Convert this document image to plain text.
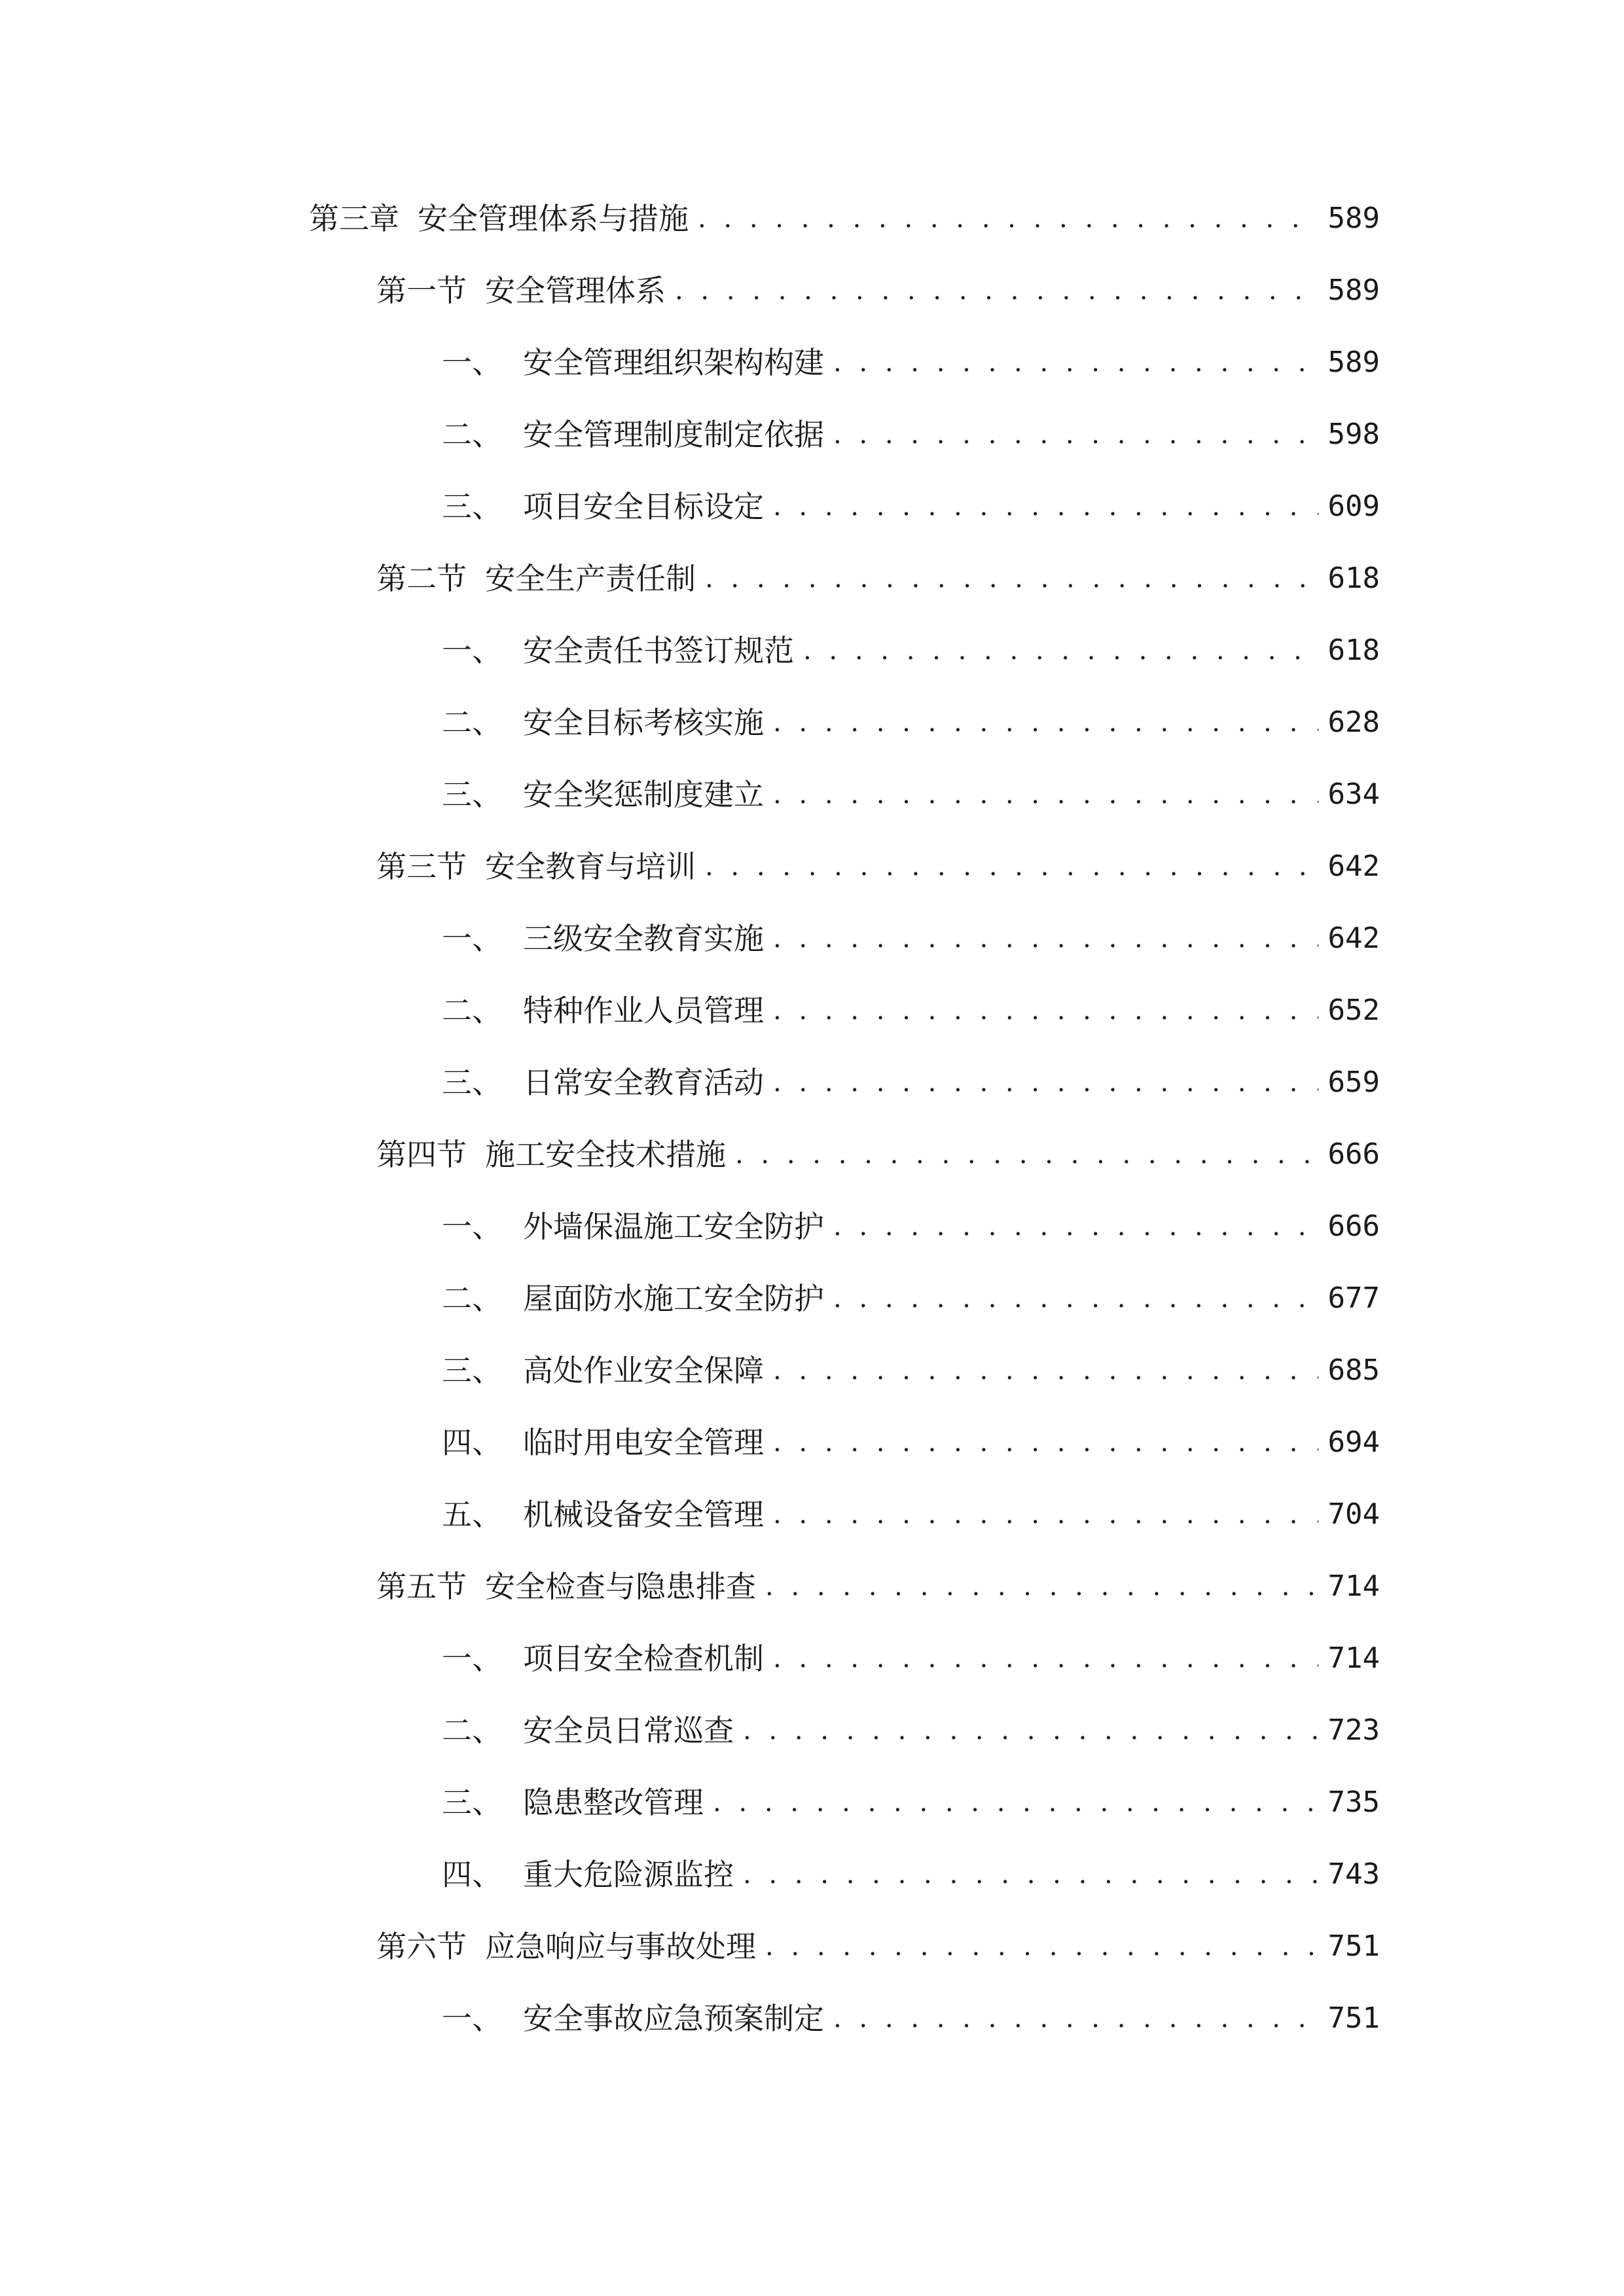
第三章 安全管理体系与措施 . . .	589
第一节 安全管理体系 . . .	589
一、 安全管理组织架构构建 . . .	589
二、 安全管理制度制定依据 . . .	598
三、 项目安全目标设定 . . .	609
第二节 安全生产责任制 . . .	618
一、 安全责任书签订规范 . . .	618
二、 安全目标考核实施 . . .	628
三、 安全奖惩制度建立 . . .	634
第三节 安全教育与培训 . . .	642
一、 三级安全教育实施 . . .	642
二、 特种作业人员管理 . . .	652
三、 日常安全教育活动 . . .	659
第四节 施工安全技术措施 . . .	666
一、 外墙保温施工安全防护 . . .	666
二、 屋面防水施工安全防护 . . .	677
三、 高处作业安全保障 . . .	685
四、 临时用电安全管理 . . .	694
五、 机械设备安全管理 . . .	704
第五节 安全检查与隐患排查 . . .	714
一、 项目安全检查机制 . . .	714
二、 安全员日常巡查 . . .	723
三、 隐患整改管理 . . .	735
四、 重大危险源监控 . . .	743
第六节 应急响应与事故处理 . . .	751
一、 安全事故应急预案制定 . . .	751
